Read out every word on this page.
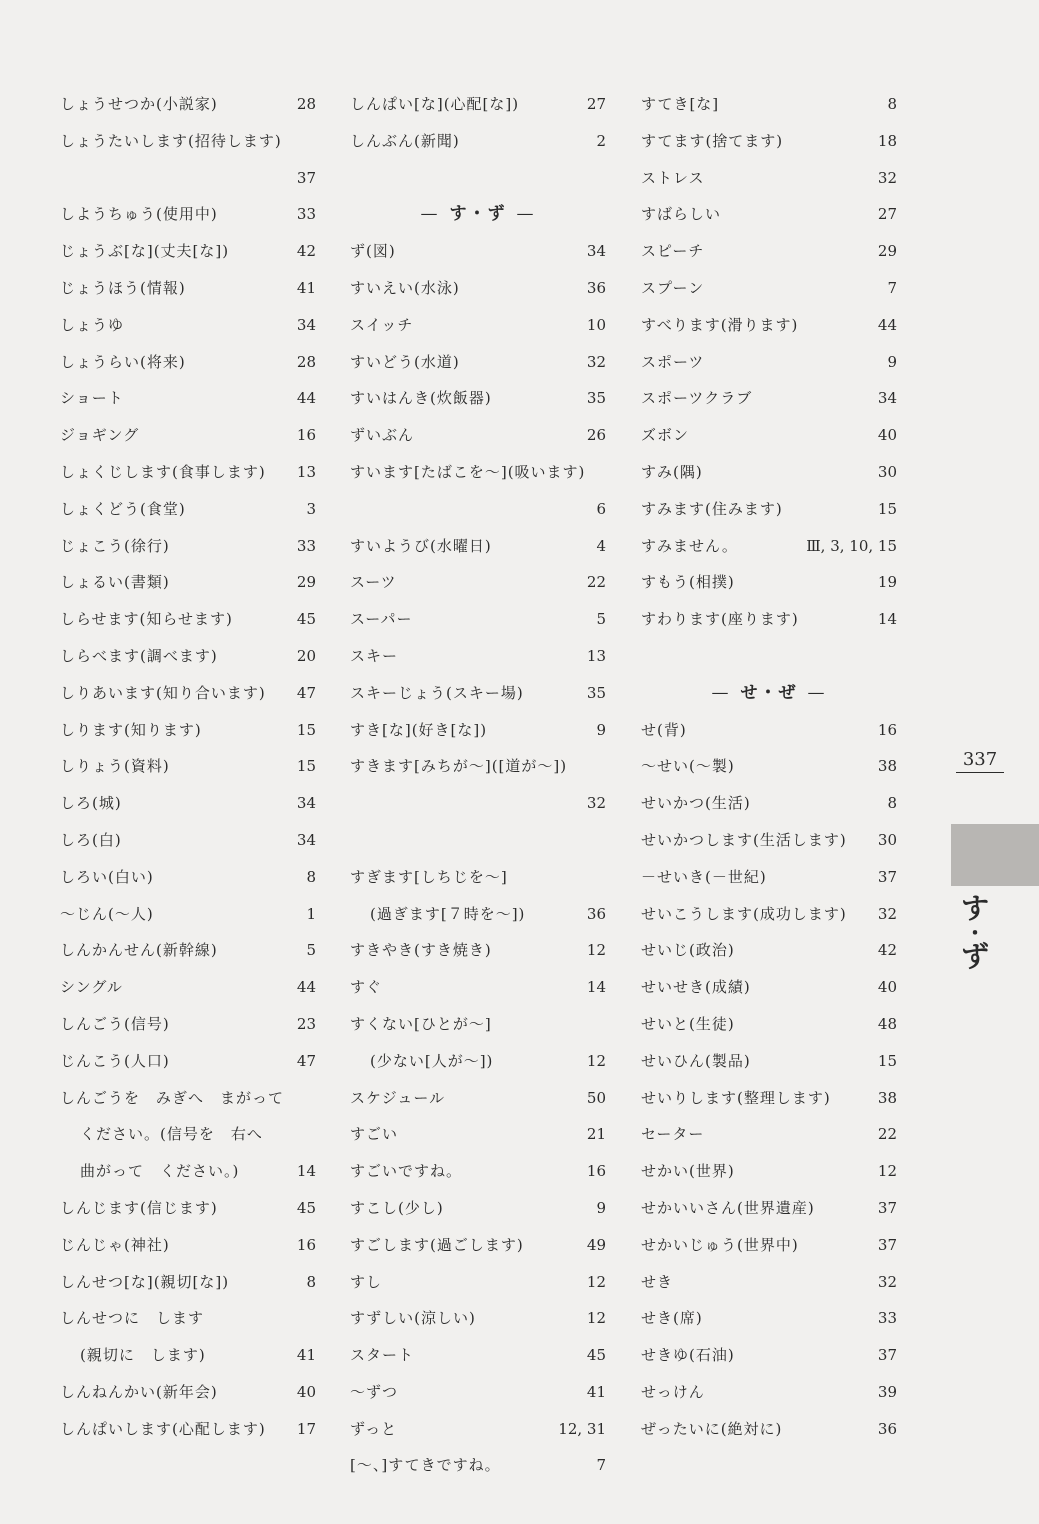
しょうせつか(小説家)	28
しょうたいします(招待します)
37
しようちゅう(使用中)	33
じょうぶ[な](丈夫[な])	42
じょうほう(情報)	41
しょうゆ	34
しょうらい(将来)	28
ショート	44
ジョギング	16
しょくじします(食事します) 13
しょくどう(食堂)	3
じょこう(徐行)	33
しょるい(書類)	29
しらせます(知らせます)	45
しらべます(調べます)	20
しりあいます(知り合います) 47
しります(知ります)	15
しりょう(資料)	15
しろ(城)	34
しろ(白)	34
しろい(白い)	8
～じん(～人)	1
しんかんせん(新幹線)	5
シングル	44
しんごう(信号)	23
じんこう(人口)	47
しんごうを　みぎへ　まがって
ください。(信号を　右へ
曲がって　ください。)	14
しんじます(信じます)	45
じんじゃ(神社)	16
しんせつ[な](親切[な])	8
しんせつに　します
(親切に　します)	41
しんねんかい(新年会)	40
しんぱいします(心配します) 17
しんぱい[な](心配[な])	27
しんぶん(新聞)	2
— す・ず —
ず(図)	34
すいえい(水泳)	36
スイッチ	10
すいどう(水道)	32
すいはんき(炊飯器)	35
ずいぶん	26
すいます[たばこを～](吸います)
6
すいようび(水曜日)	4
スーツ	22
スーパー	5
スキー	13
スキーじょう(スキー場)	35
すき[な](好き[な])	9
すきます[みちが～]([道が～])
32
すぎます[しちじを～]
(過ぎます[７時を～])	36
すきやき(すき焼き)	12
すぐ	14
すくない[ひとが～]
(少ない[人が～])	12
スケジュール	50
すごい	21
すごいですね。	16
すこし(少し)	9
すごします(過ごします)	49
すし	12
すずしい(涼しい)	12
スタート	45
～ずつ	41
ずっと	12, 31
[～、]すてきですね。	7
すてき[な]	8
すてます(捨てます)	18
ストレス	32
すばらしい	27
スピーチ	29
スプーン	7
すべります(滑ります)	44
スポーツ	9
スポーツクラブ	34
ズボン	40
すみ(隅)	30
すみます(住みます)	15
すみません。	Ⅲ, 3, 10, 15
すもう(相撲)	19
すわります(座ります)	14
— せ・ぜ —
せ(背)	16
～せい(～製)	38
せいかつ(生活)	8
せいかつします(生活します) 30
－せいき(－世紀)	37
せいこうします(成功します) 32
せいじ(政治)	42
せいせき(成績)	40
せいと(生徒)	48
せいひん(製品)	15
せいりします(整理します)	38
セーター	22
せかい(世界)	12
せかいいさん(世界遺産)	37
せかいじゅう(世界中)	37
せき	32
せき(席)	33
せきゆ(石油)	37
せっけん	39
ぜったいに(絶対に)	36
337
す
・
ず
